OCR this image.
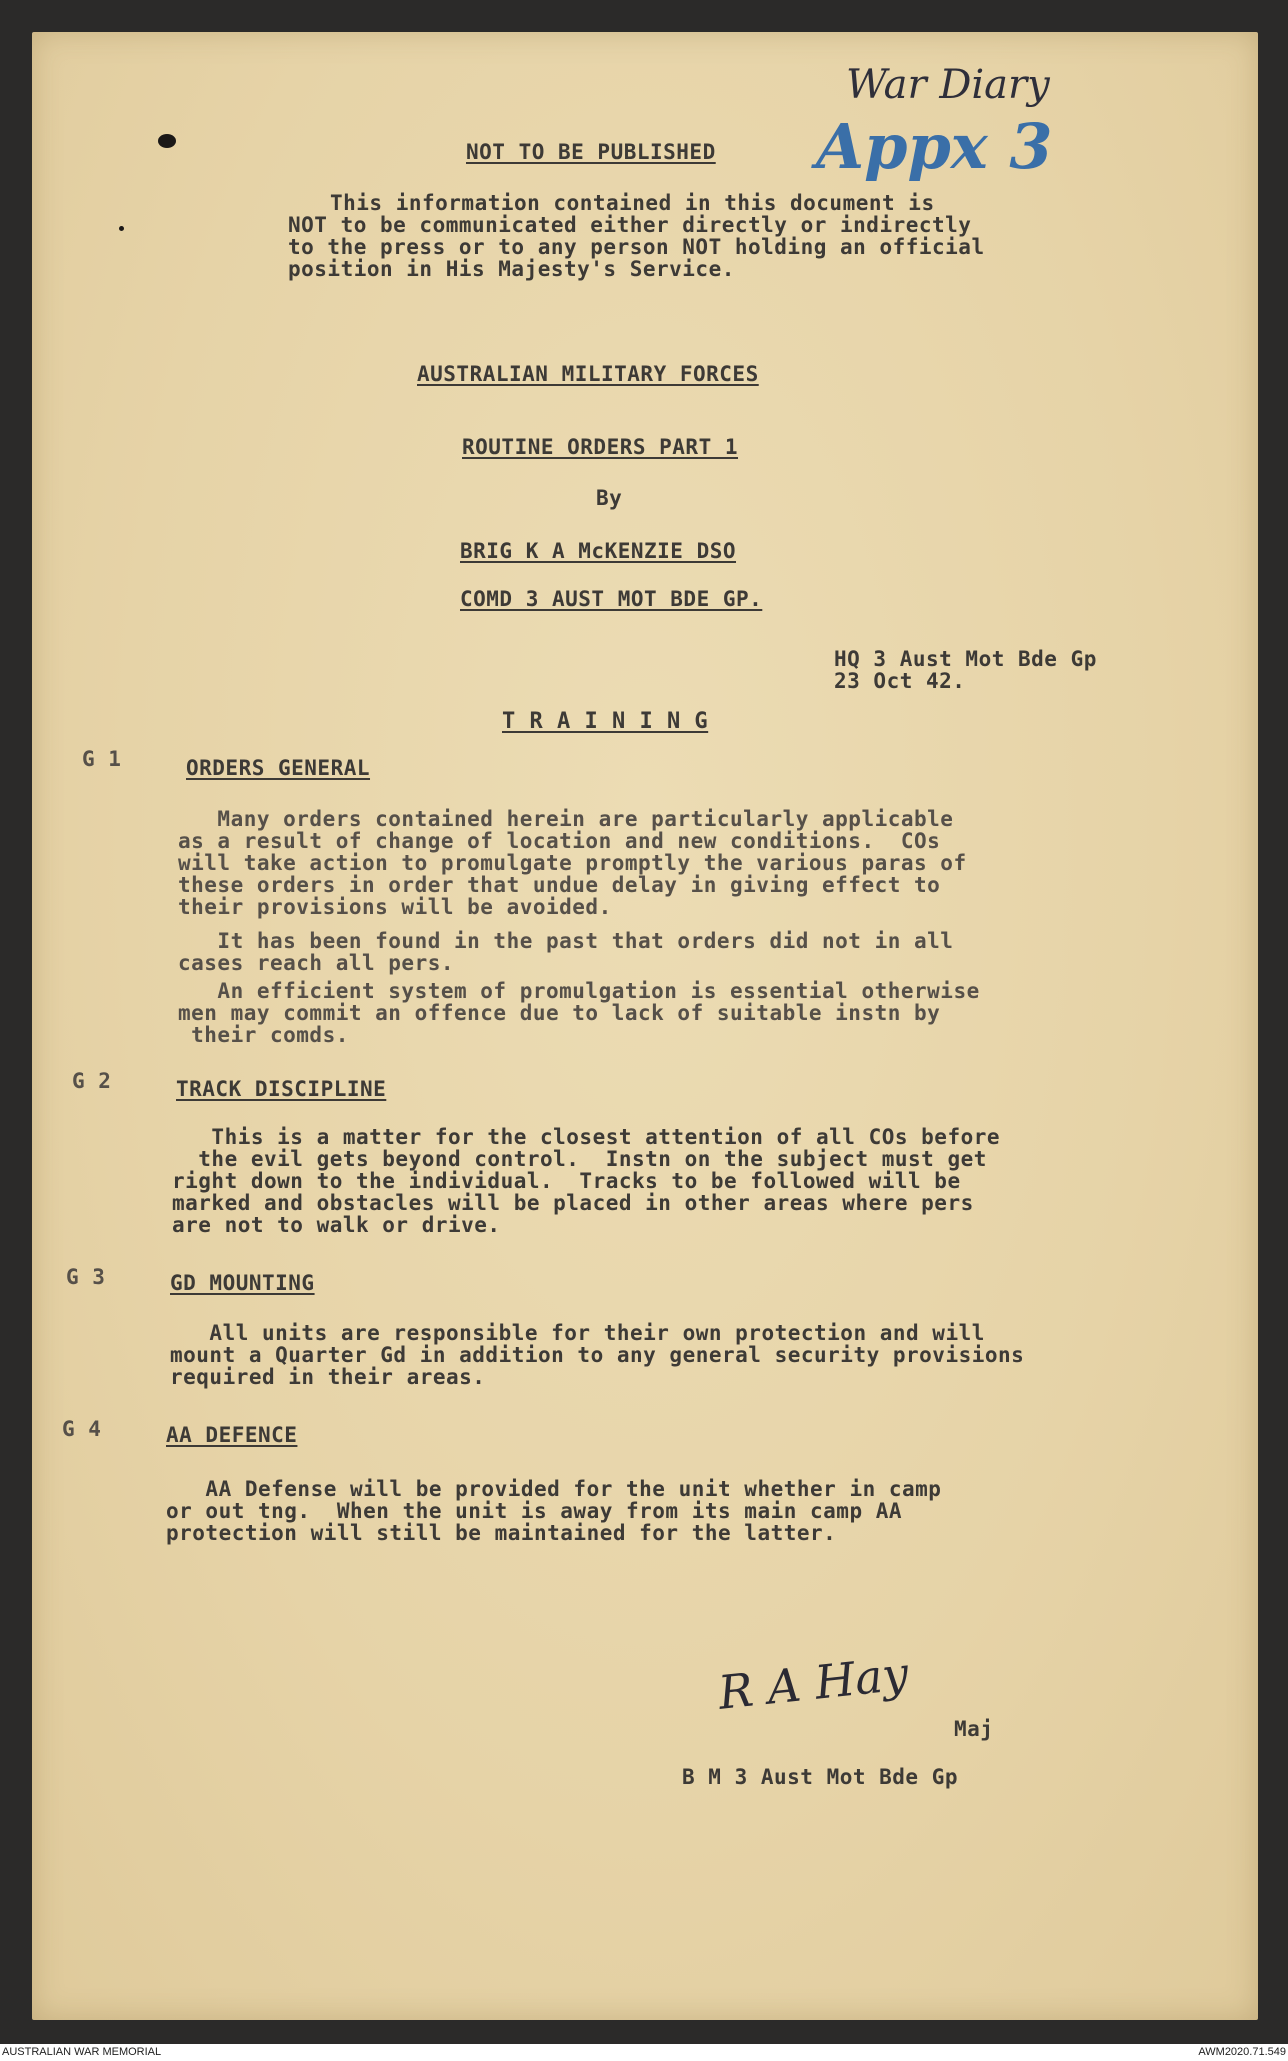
War Diary
Appx 3
NOT TO BE PUBLISHED
This information contained in this document is
NOT to be communicated either directly or indirectly
to the press or to any person NOT holding an official
position in His Majesty's Service.
AUSTRALIAN MILITARY FORCES
ROUTINE ORDERS PART 1
By
BRIG K A McKENZIE DSO
COMD 3 AUST MOT BDE GP.
HQ 3 Aust Mot Bde Gp
23 Oct 42.
T R A I N I N G
G 1	ORDERS GENERAL
Many orders contained herein are particularly applicable
as a result of change of location and new conditions.  COs
will take action to promulgate promptly the various paras of
these orders in order that undue delay in giving effect to
their provisions will be avoided.
It has been found in the past that orders did not in all
cases reach all pers.
An efficient system of promulgation is essential otherwise
men may commit an offence due to lack of suitable instn by
their comds.
G 2	TRACK DISCIPLINE
This is a matter for the closest attention of all COs before
the evil gets beyond control.  Instn on the subject must get
right down to the individual.  Tracks to be followed will be
marked and obstacles will be placed in other areas where pers
are not to walk or drive.
G 3	GD MOUNTING
All units are responsible for their own protection and will
mount a Quarter Gd in addition to any general security provisions
required in their areas.
G 4	AA DEFENCE
AA Defense will be provided for the unit whether in camp
or out tng.  When the unit is away from its main camp AA
protection will still be maintained for the latter.
R A Hay
Maj
B M 3 Aust Mot Bde Gp
AUSTRALIAN WAR MEMORIAL	AWM2020.71.549
